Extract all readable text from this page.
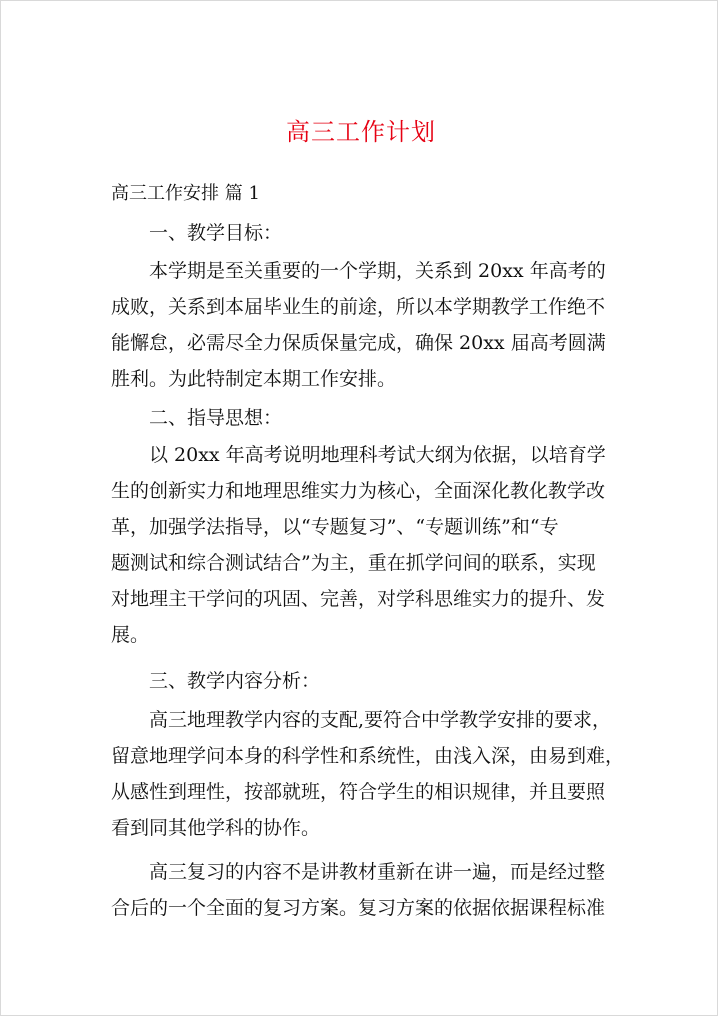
高三工作计划
高三工作安排 篇 1
一、教学目标：
本学期是至关重要的一个学期，关系到 20xx 年高考的
成败，关系到本届毕业生的前途，所以本学期教学工作绝不
能懈怠，必需尽全力保质保量完成，确保 20xx 届高考圆满
胜利。为此特制定本期工作安排。
二、指导思想：
以 20xx 年高考说明地理科考试大纲为依据，以培育学
生的创新实力和地理思维实力为核心，全面深化教化教学改
革，加强学法指导，以“专题复习”、“专题训练”和“专
题测试和综合测试结合”为主，重在抓学问间的联系，实现
对地理主干学问的巩固、完善，对学科思维实力的提升、发
展。
三、教学内容分析：
高三地理教学内容的支配,要符合中学教学安排的要求，
留意地理学问本身的科学性和系统性，由浅入深，由易到难，
从感性到理性，按部就班，符合学生的相识规律，并且要照
看到同其他学科的协作。
高三复习的内容不是讲教材重新在讲一遍，而是经过整
合后的一个全面的复习方案。复习方案的依据依据课程标准
